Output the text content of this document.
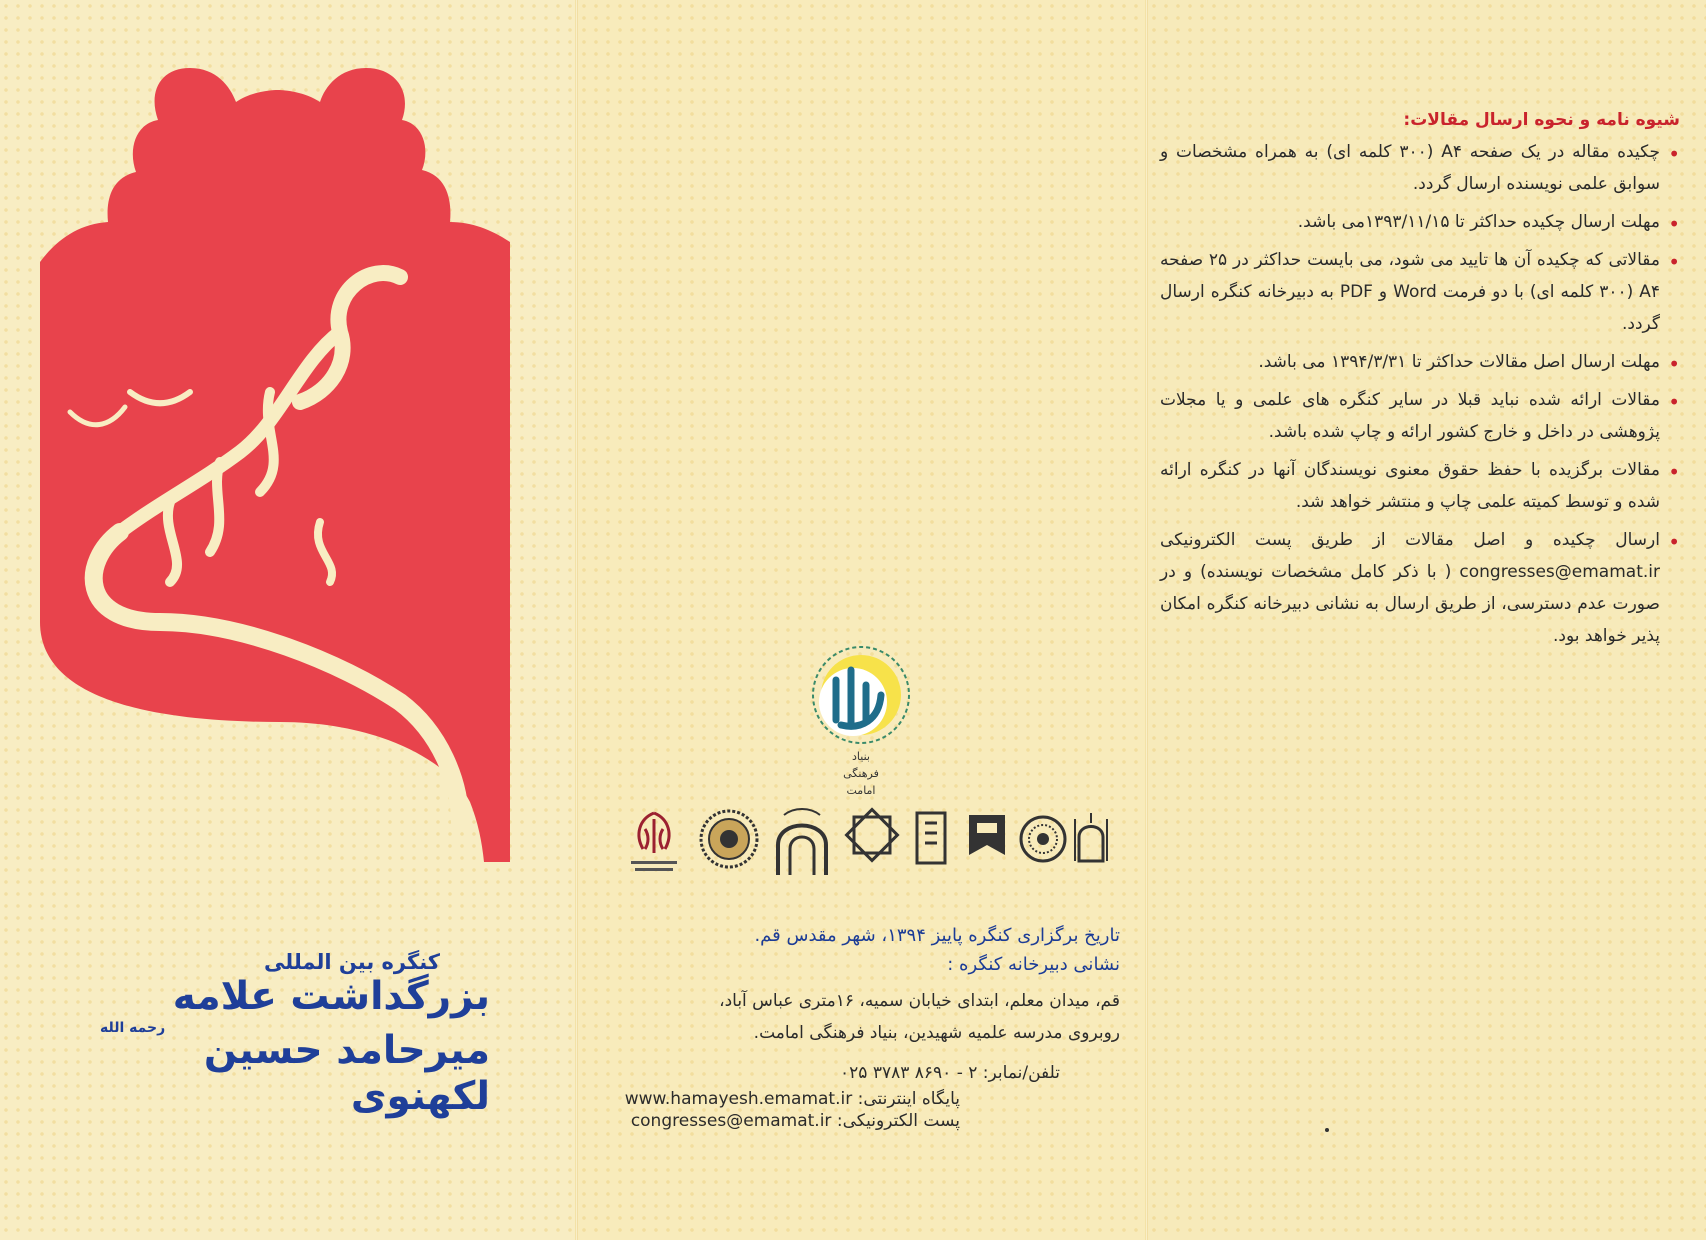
کنگره بین المللی
بزرگداشت علامه
رحمه الله میرحامد حسین لکهنوی
بنیاد
فرهنگی
امامت

تاریخ برگزاری کنگره پاییز ۱۳۹۴، شهر مقدس قم.

نشانی دبیرخانه کنگره :

قم، میدان معلم، ابتدای خیابان سمیه، ۱۶متری عباس آباد،
روبروی مدرسه علمیه شهیدین، بنیاد فرهنگی امامت.

تلفن/نمابر: ۲ - ۸۶۹۰ ۳۷۸۳ ۰۲۵

پایگاه اینترنتی: www.hamayesh.emamat.ir

پست الکترونیکی: congresses@emamat.ir

شیوه نامه و نحوه ارسال مقالات:

• چکیده مقاله در یک صفحه A۴ (۳۰۰ کلمه ای) به همراه مشخصات و سوابق علمی نویسنده ارسال گردد.
• مهلت ارسال چکیده حداکثر تا ۱۳۹۳/۱۱/۱۵می باشد.
• مقالاتی که چکیده آن ها تایید می شود، می بایست حداکثر در ۲۵ صفحه A۴ (۳۰۰ کلمه ای) با دو فرمت Word و PDF به دبیرخانه کنگره ارسال گردد.
• مهلت ارسال اصل مقالات حداکثر تا ۱۳۹۴/۳/۳۱ می باشد.
• مقالات ارائه شده نباید قبلا در سایر کنگره های علمی و یا مجلات پژوهشی در داخل و خارج کشور ارائه و چاپ شده باشد.
• مقالات برگزیده با حفظ حقوق معنوی نویسندگان آنها در کنگره ارائه شده و توسط کمیته علمی چاپ و منتشر خواهد شد.
• ارسال چکیده و اصل مقالات از طریق پست الکترونیکی congresses@emamat.ir ( با ذکر کامل مشخصات نویسنده) و در صورت عدم دسترسی، از طریق ارسال به نشانی دبیرخانه کنگره امکان پذیر خواهد بود.
